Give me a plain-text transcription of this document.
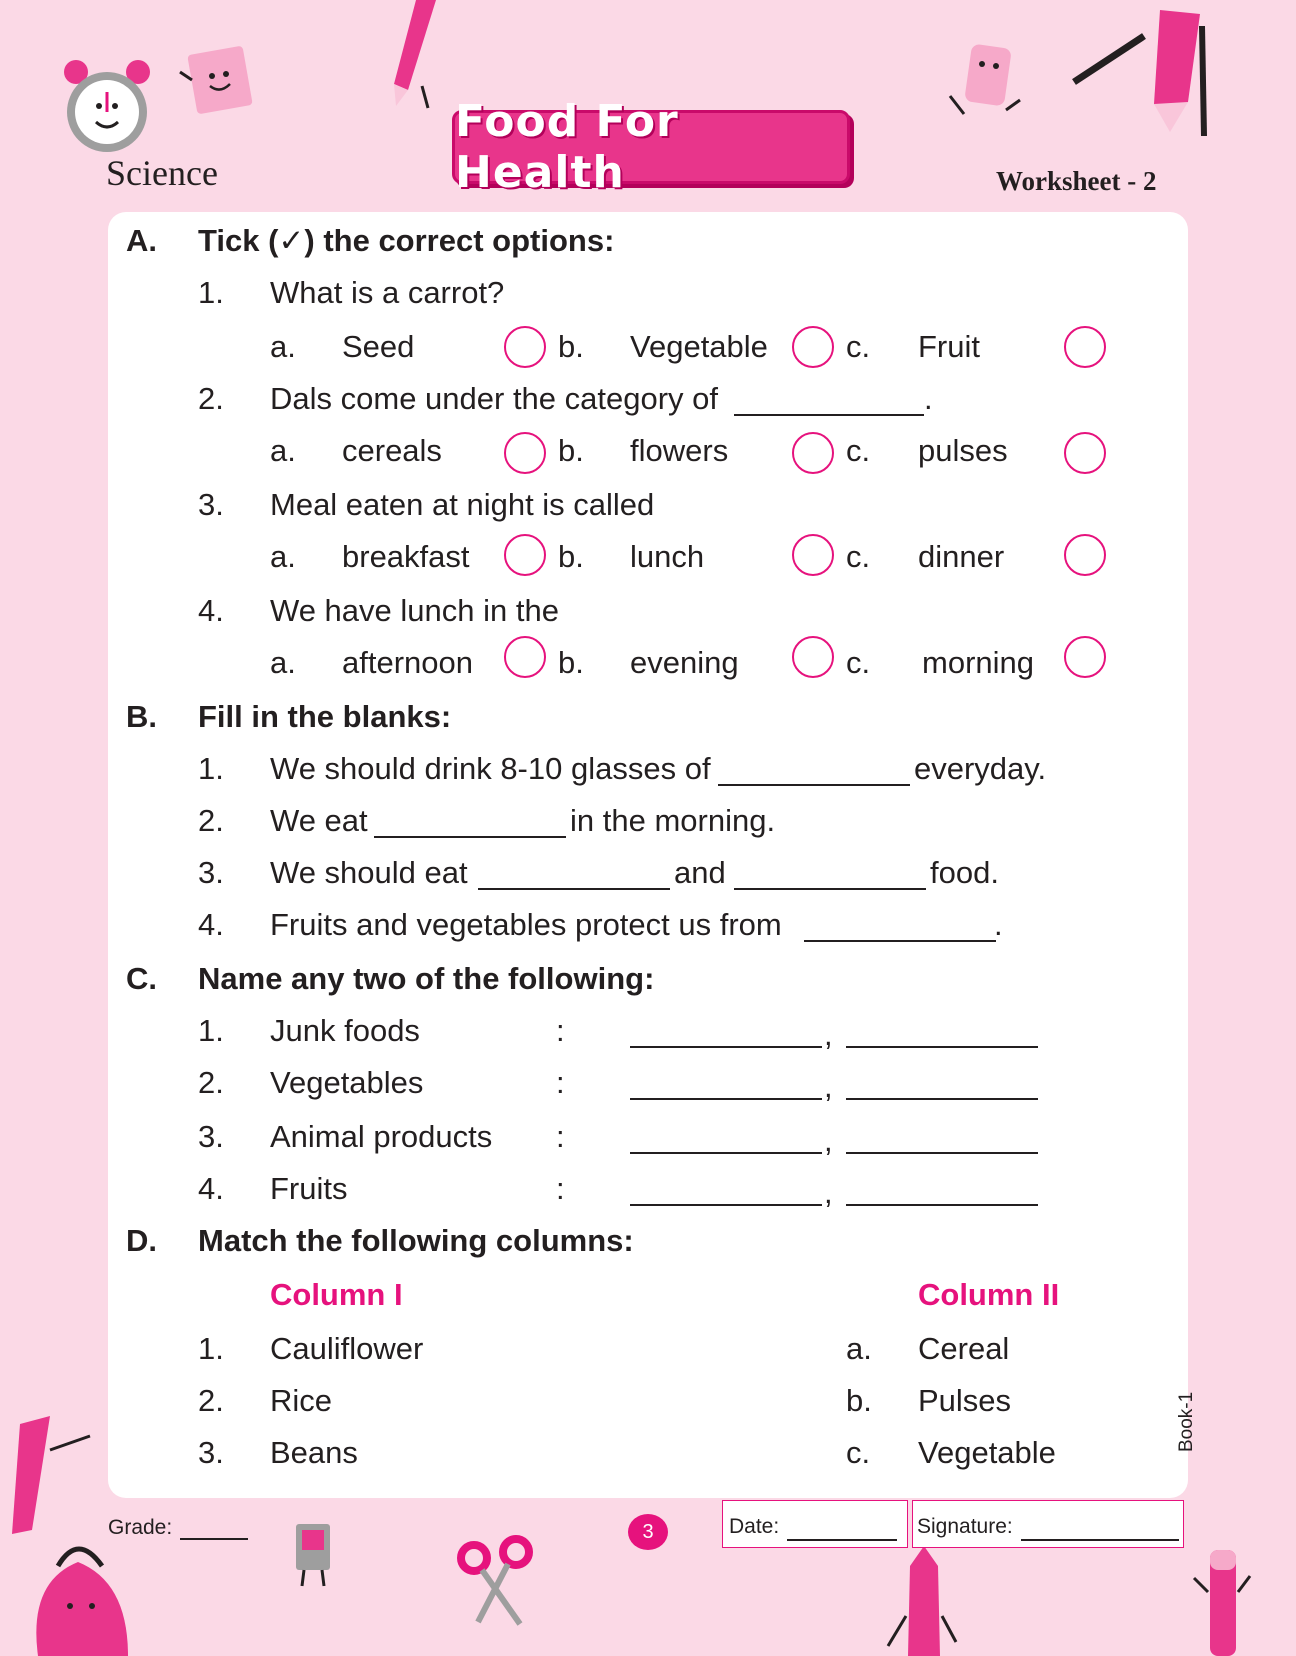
Science
Food For Health	Worksheet - 2
A. Tick (✓) the correct options:
1. What is a carrot?
a. Seed	b. Vegetable	c. Fruit
2. Dals come under the category of	.
a. cereals	b. flowers	c. pulses
3. Meal eaten at night is called
a. breakfast	b. lunch	c. dinner
4. We have lunch in the
a. afternoon	b. evening	c. morning
B. Fill in the blanks:
1. We should drink 8-10 glasses of	everyday.
2. We eat	in the morning.
3. We should eat	and	food.
4. Fruits and vegetables protect us from	.
C. Name any two of the following:
1. Junk foods	:	,
2. Vegetables	:	,
3. Animal products :	,
4. Fruits	:	,
D. Match the following columns:
Column I	Column II
1. Cauliflower	a. Cereal
2. Rice	b. Pulses
3. Beans	c. Vegetable
Book-1
Grade:	3	Date:	Signature:
